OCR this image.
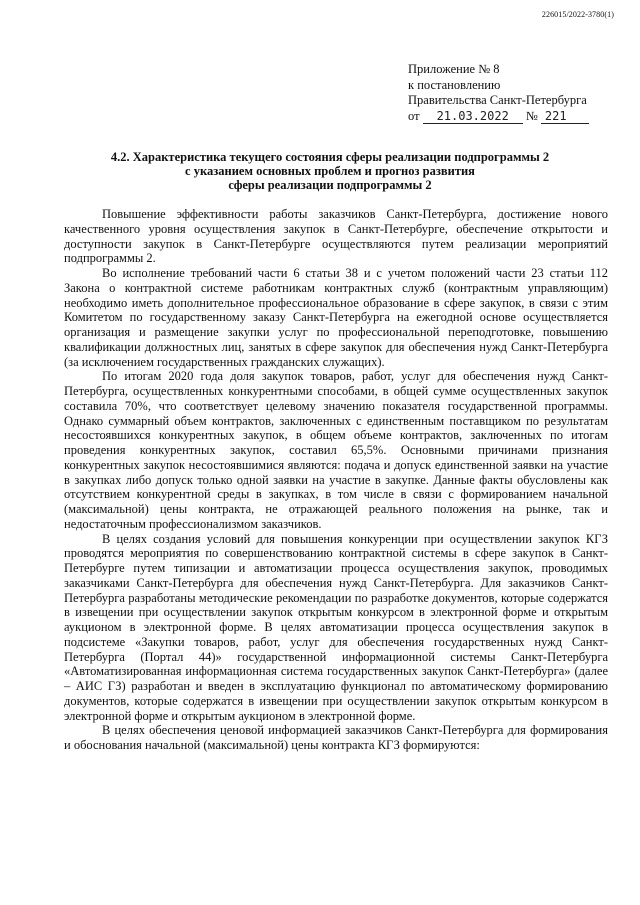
226015/2022-3780(1)
Приложение № 8
к постановлению
Правительства Санкт-Петербурга
от 21.03.2022 № 221
4.2. Характеристика текущего состояния сферы реализации подпрограммы 2
с указанием основных проблем и прогноз развития
сферы реализации подпрограммы 2

Повышение эффективности работы заказчиков Санкт-Петербурга, достижение нового качественного уровня осуществления закупок в Санкт-Петербурге, обеспечение открытости и доступности закупок в Санкт-Петербурге осуществляются путем реализации мероприятий подпрограммы 2.

Во исполнение требований части 6 статьи 38 и с учетом положений части 23 статьи 112 Закона о контрактной системе работникам контрактных служб (контрактным управляющим) необходимо иметь дополнительное профессиональное образование в сфере закупок, в связи с этим Комитетом по государственному заказу Санкт-Петербурга на ежегодной основе осуществляется организация и размещение закупки услуг по профессиональной переподготовке, повышению квалификации должностных лиц, занятых в сфере закупок для обеспечения нужд Санкт-Петербурга (за исключением государственных гражданских служащих).

По итогам 2020 года доля закупок товаров, работ, услуг для обеспечения нужд Санкт-Петербурга, осуществленных конкурентными способами, в общей сумме осуществленных закупок составила 70%, что соответствует целевому значению показателя государственной программы. Однако суммарный объем контрактов, заключенных с единственным поставщиком по результатам несостоявшихся конкурентных закупок, в общем объеме контрактов, заключенных по итогам проведения конкурентных закупок, составил 65,5%. Основными причинами признания конкурентных закупок несостоявшимися являются: подача и допуск единственной заявки на участие в закупках либо допуск только одной заявки на участие в закупке. Данные факты обусловлены как отсутствием конкурентной среды в закупках, в том числе в связи с формированием начальной (максимальной) цены контракта, не отражающей реального положения на рынке, так и недостаточным профессионализмом заказчиков.

В целях создания условий для повышения конкуренции при осуществлении закупок КГЗ проводятся мероприятия по совершенствованию контрактной системы в сфере закупок в Санкт-Петербурге путем типизации и автоматизации процесса осуществления закупок, проводимых заказчиками Санкт-Петербурга для обеспечения нужд Санкт-Петербурга. Для заказчиков Санкт-Петербурга разработаны методические рекомендации по разработке документов, которые содержатся в извещении при осуществлении закупок открытым конкурсом в электронной форме и открытым аукционом в электронной форме. В целях автоматизации процесса осуществления закупок в подсистеме «Закупки товаров, работ, услуг для обеспечения государственных нужд Санкт-Петербурга (Портал 44)» государственной информационной системы Санкт-Петербурга «Автоматизированная информационная система государственных закупок Санкт-Петербурга» (далее – АИС ГЗ) разработан и введен в эксплуатацию функционал по автоматическому формированию документов, которые содержатся в извещении при осуществлении закупок открытым конкурсом в электронной форме и открытым аукционом в электронной форме.

В целях обеспечения ценовой информацией заказчиков Санкт-Петербурга для формирования и обоснования начальной (максимальной) цены контракта КГЗ формируются:
